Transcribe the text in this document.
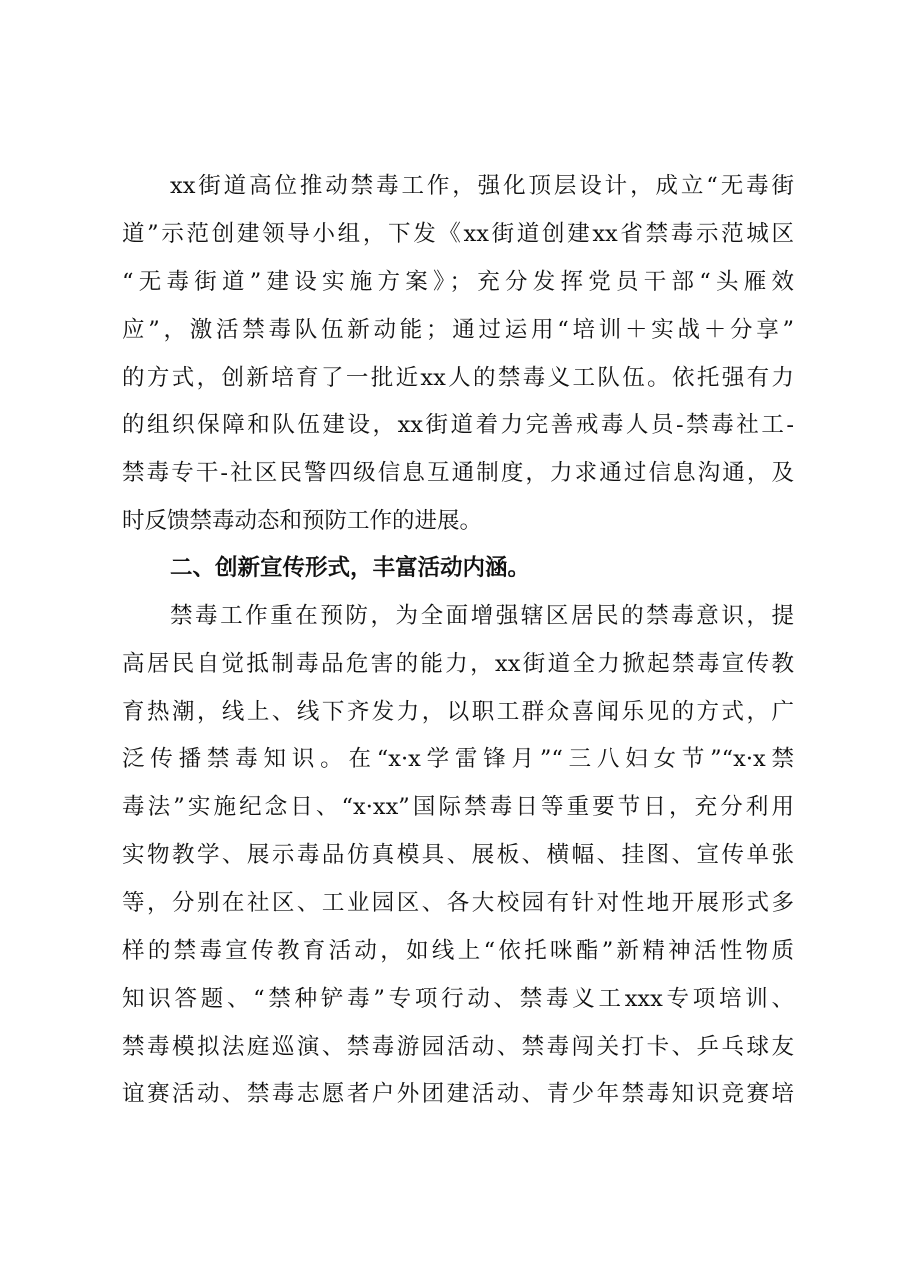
xx街道高位推动禁毒工作，强化顶层设计，成立“无毒街
道”示范创建领导小组，下发《xx街道创建xx省禁毒示范城区
“无毒街道”建设实施方案》；充分发挥党员干部“头雁效
应”，激活禁毒队伍新动能；通过运用“培训＋实战＋分享”
的方式，创新培育了一批近xx人的禁毒义工队伍。依托强有力
的组织保障和队伍建设，xx街道着力完善戒毒人员-禁毒社工-
禁毒专干-社区民警四级信息互通制度，力求通过信息沟通，及
时反馈禁毒动态和预防工作的进展。
二、创新宣传形式，丰富活动内涵。
禁毒工作重在预防，为全面增强辖区居民的禁毒意识，提
高居民自觉抵制毒品危害的能力，xx街道全力掀起禁毒宣传教
育热潮，线上、线下齐发力，以职工群众喜闻乐见的方式，广
泛传播禁毒知识。在“x·x学雷锋月”“三八妇女节”“x·x禁
毒法”实施纪念日、“x·xx”国际禁毒日等重要节日，充分利用
实物教学、展示毒品仿真模具、展板、横幅、挂图、宣传单张
等，分别在社区、工业园区、各大校园有针对性地开展形式多
样的禁毒宣传教育活动，如线上“依托咪酯”新精神活性物质
知识答题、“禁种铲毒”专项行动、禁毒义工xxx专项培训、
禁毒模拟法庭巡演、禁毒游园活动、禁毒闯关打卡、乒乓球友
谊赛活动、禁毒志愿者户外团建活动、青少年禁毒知识竞赛培
